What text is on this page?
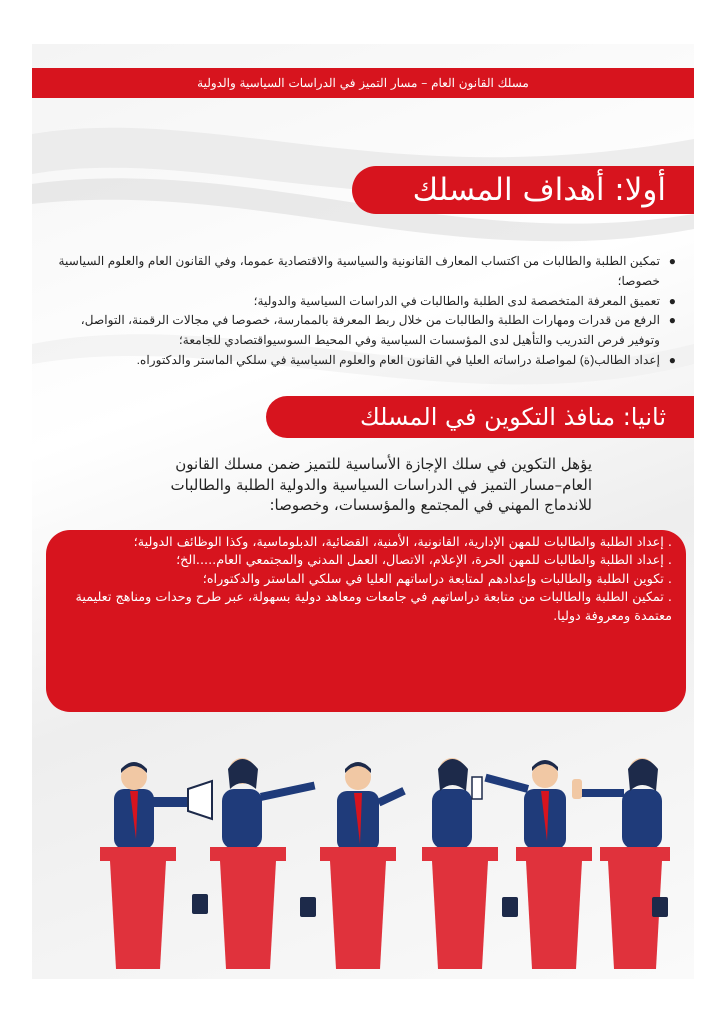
مسلك القانون العام – مسار التميز في الدراسات السياسية والدولية
أولا: أهداف المسلك
●
تمكين الطلبة والطالبات من اكتساب المعارف القانونية والسياسية والاقتصادية عموما، وفي القانون العام والعلوم السياسية خصوصا؛
●
تعميق المعرفة المتخصصة لدى الطلبة والطالبات في الدراسات السياسية والدولية؛
●
الرفع من قدرات ومهارات الطلبة والطالبات من خلال ربط المعرفة بالممارسة، خصوصا في مجالات الرقمنة، التواصل، وتوفير فرص التدريب والتأهيل لدى المؤسسات السياسية وفي المحيط السوسيواقتصادي للجامعة؛
●
إعداد الطالب(ة) لمواصلة دراساته العليا في القانون العام والعلوم السياسية في سلكي الماستر والدكتوراه.
ثانيا: منافذ التكوين في المسلك
يؤهل التكوين في سلك الإجازة الأساسية للتميز ضمن مسلك القانون العام–مسار التميز في الدراسات السياسية والدولية الطلبة والطالبات للاندماج المهني في المجتمع والمؤسسات، وخصوصا:
. إعداد الطلبة والطالبات للمهن الإدارية، القانونية، الأمنية، القضائية، الدبلوماسية، وكذا الوظائف الدولية؛
. إعداد الطلبة والطالبات للمهن الحرة، الإعلام، الاتصال، العمل المدني والمجتمعي العام.....الخ؛
. تكوين الطلبة والطالبات وإعدادهم لمتابعة دراساتهم العليا في سلكي الماستر والدكتوراه؛
. تمكين الطلبة والطالبات من متابعة دراساتهم في جامعات ومعاهد دولية بسهولة، عبر طرح وحدات ومناهج تعليمية معتمدة ومعروفة دوليا.
